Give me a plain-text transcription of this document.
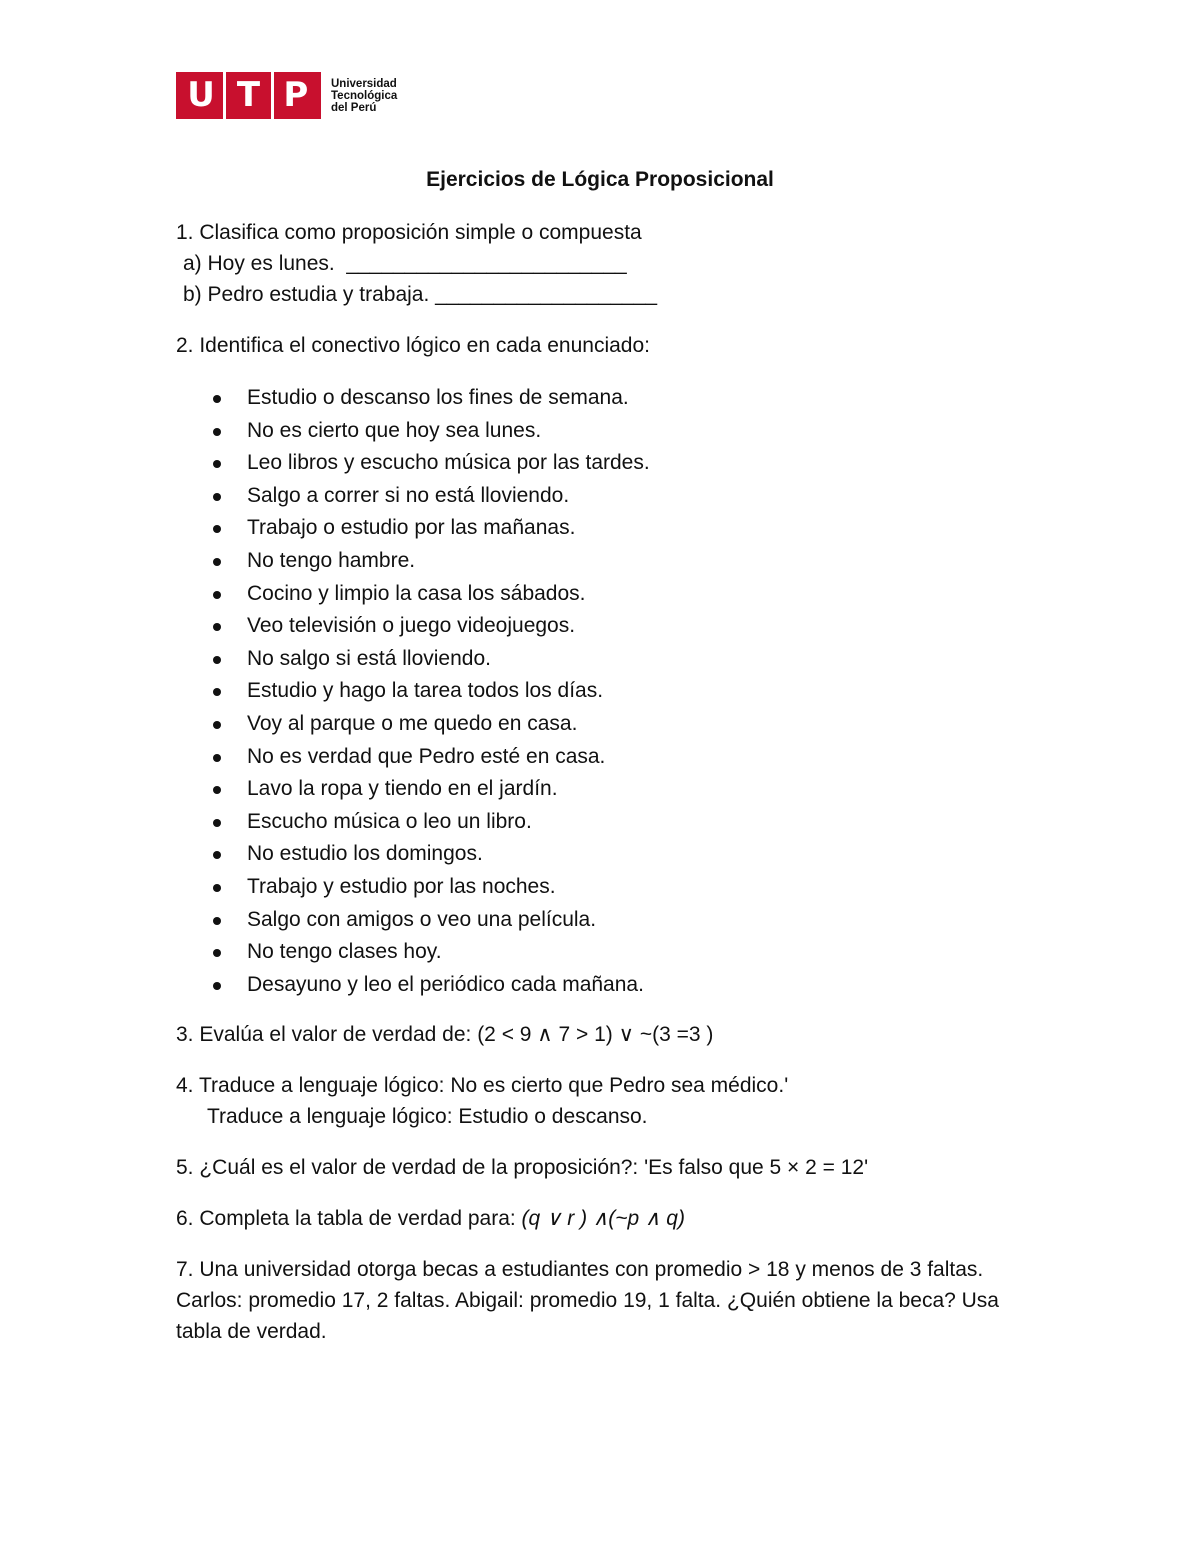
U T P	Universidad
Tecnológica
del Perú
Ejercicios de Lógica Proposicional
1. Clasifica como proposición simple o compuesta
a) Hoy es lunes.  ________________________
b) Pedro estudia y trabaja. ___________________
2. Identifica el conectivo lógico en cada enunciado:
Estudio o descanso los fines de semana.
No es cierto que hoy sea lunes.
Leo libros y escucho música por las tardes.
Salgo a correr si no está lloviendo.
Trabajo o estudio por las mañanas.
No tengo hambre.
Cocino y limpio la casa los sábados.
Veo televisión o juego videojuegos.
No salgo si está lloviendo.
Estudio y hago la tarea todos los días.
Voy al parque o me quedo en casa.
No es verdad que Pedro esté en casa.
Lavo la ropa y tiendo en el jardín.
Escucho música o leo un libro.
No estudio los domingos.
Trabajo y estudio por las noches.
Salgo con amigos o veo una película.
No tengo clases hoy.
Desayuno y leo el periódico cada mañana.
3. Evalúa el valor de verdad de: (2 < 9 ∧ 7 > 1) ∨ ~(3 =3 )
4. Traduce a lenguaje lógico: No es cierto que Pedro sea médico.'
Traduce a lenguaje lógico: Estudio o descanso.
5. ¿Cuál es el valor de verdad de la proposición?: 'Es falso que 5 × 2 = 12'
6. Completa la tabla de verdad para: (q ∨ r ) ∧(~p ∧ q)
7. Una universidad otorga becas a estudiantes con promedio > 18 y menos de 3 faltas. Carlos: promedio 17, 2 faltas. Abigail: promedio 19, 1 falta. ¿Quién obtiene la beca? Usa tabla de verdad.
